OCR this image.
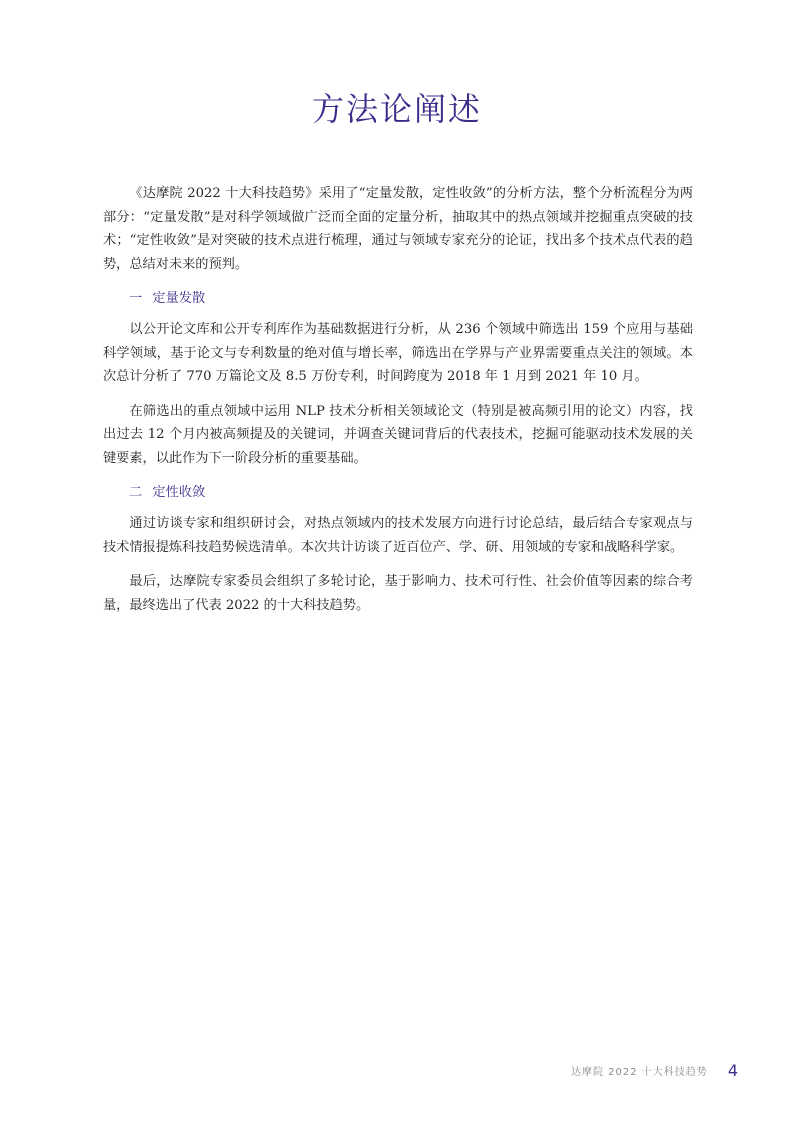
方法论阐述

《达摩院 2022 十大科技趋势》采用了“定量发散，定性收敛”的分析方法，整个分析流程分为两部分：“定量发散”是对科学领域做广泛而全面的定量分析，抽取其中的热点领域并挖掘重点突破的技术；“定性收敛”是对突破的技术点进行梳理，通过与领域专家充分的论证，找出多个技术点代表的趋势，总结对未来的预判。

一 定量发散

以公开论文库和公开专利库作为基础数据进行分析，从 236 个领域中筛选出 159 个应用与基础科学领域，基于论文与专利数量的绝对值与增长率，筛选出在学界与产业界需要重点关注的领域。本次总计分析了 770 万篇论文及 8.5 万份专利，时间跨度为 2018 年 1 月到 2021 年 10 月。

在筛选出的重点领域中运用 NLP 技术分析相关领域论文（特别是被高频引用的论文）内容，找出过去 12 个月内被高频提及的关键词，并调查关键词背后的代表技术，挖掘可能驱动技术发展的关键要素，以此作为下一阶段分析的重要基础。

二 定性收敛

通过访谈专家和组织研讨会，对热点领域内的技术发展方向进行讨论总结，最后结合专家观点与技术情报提炼科技趋势候选清单。本次共计访谈了近百位产、学、研、用领域的专家和战略科学家。

最后，达摩院专家委员会组织了多轮讨论，基于影响力、技术可行性、社会价值等因素的综合考量，最终选出了代表 2022 的十大科技趋势。

达摩院 2022 十大科技趋势 4
